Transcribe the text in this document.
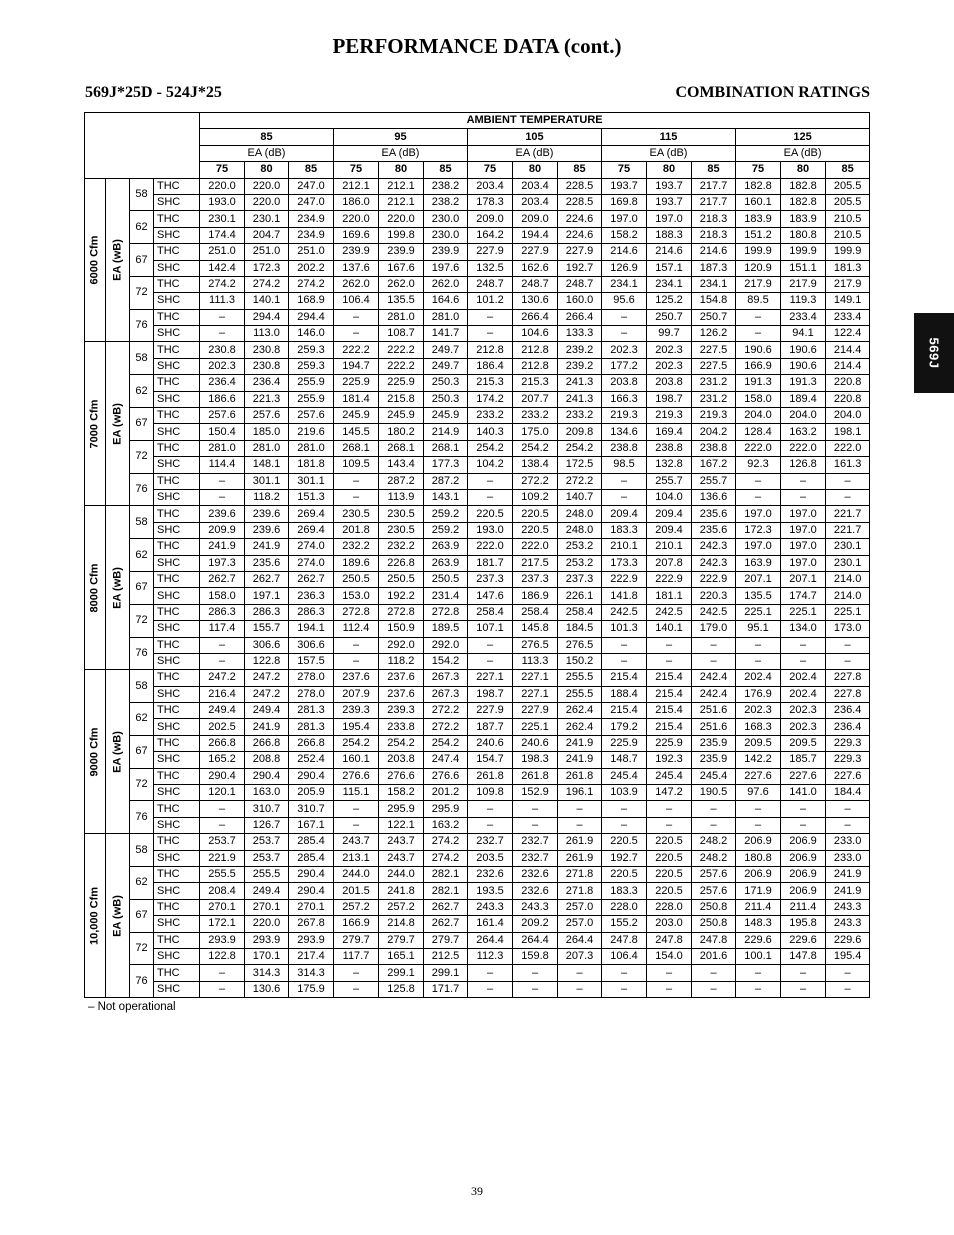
PERFORMANCE DATA (cont.)
569J*25D - 524J*25	COMBINATION RATINGS
569J
				AMBIENT TEMPERATURE														
				85			95			105			115			125		
				EA (dB)			EA (dB)			EA (dB)			EA (dB)			EA (dB)		
				75	80	85	75	80	85	75	80	85	75	80	85	75	80	85

6000 Cfm	EA (wB)	58	THC	220.0	220.0	247.0	212.1	212.1	238.2	203.4	203.4	228.5	193.7	193.7	217.7	182.8	182.8	205.5
			SHC	193.0	220.0	247.0	186.0	212.1	238.2	178.3	203.4	228.5	169.8	193.7	217.7	160.1	182.8	205.5
		62	THC	230.1	230.1	234.9	220.0	220.0	230.0	209.0	209.0	224.6	197.0	197.0	218.3	183.9	183.9	210.5
			SHC	174.4	204.7	234.9	169.6	199.8	230.0	164.2	194.4	224.6	158.2	188.3	218.3	151.2	180.8	210.5
		67	THC	251.0	251.0	251.0	239.9	239.9	239.9	227.9	227.9	227.9	214.6	214.6	214.6	199.9	199.9	199.9
			SHC	142.4	172.3	202.2	137.6	167.6	197.6	132.5	162.6	192.7	126.9	157.1	187.3	120.9	151.1	181.3
		72	THC	274.2	274.2	274.2	262.0	262.0	262.0	248.7	248.7	248.7	234.1	234.1	234.1	217.9	217.9	217.9
			SHC	111.3	140.1	168.9	106.4	135.5	164.6	101.2	130.6	160.0	95.6	125.2	154.8	89.5	119.3	149.1
		76	THC	–	294.4	294.4	–	281.0	281.0	–	266.4	266.4	–	250.7	250.7	–	233.4	233.4
			SHC	–	113.0	146.0	–	108.7	141.7	–	104.6	133.3	–	99.7	126.2	–	94.1	122.4

7000 Cfm	EA (wB)	58	THC	230.8	230.8	259.3	222.2	222.2	249.7	212.8	212.8	239.2	202.3	202.3	227.5	190.6	190.6	214.4
			SHC	202.3	230.8	259.3	194.7	222.2	249.7	186.4	212.8	239.2	177.2	202.3	227.5	166.9	190.6	214.4
		62	THC	236.4	236.4	255.9	225.9	225.9	250.3	215.3	215.3	241.3	203.8	203.8	231.2	191.3	191.3	220.8
			SHC	186.6	221.3	255.9	181.4	215.8	250.3	174.2	207.7	241.3	166.3	198.7	231.2	158.0	189.4	220.8
		67	THC	257.6	257.6	257.6	245.9	245.9	245.9	233.2	233.2	233.2	219.3	219.3	219.3	204.0	204.0	204.0
			SHC	150.4	185.0	219.6	145.5	180.2	214.9	140.3	175.0	209.8	134.6	169.4	204.2	128.4	163.2	198.1
		72	THC	281.0	281.0	281.0	268.1	268.1	268.1	254.2	254.2	254.2	238.8	238.8	238.8	222.0	222.0	222.0
			SHC	114.4	148.1	181.8	109.5	143.4	177.3	104.2	138.4	172.5	98.5	132.8	167.2	92.3	126.8	161.3
		76	THC	–	301.1	301.1	–	287.2	287.2	–	272.2	272.2	–	255.7	255.7	–	–	–
			SHC	–	118.2	151.3	–	113.9	143.1	–	109.2	140.7	–	104.0	136.6	–	–	–

8000 Cfm	EA (wB)	58	THC	239.6	239.6	269.4	230.5	230.5	259.2	220.5	220.5	248.0	209.4	209.4	235.6	197.0	197.0	221.7
			SHC	209.9	239.6	269.4	201.8	230.5	259.2	193.0	220.5	248.0	183.3	209.4	235.6	172.3	197.0	221.7
		62	THC	241.9	241.9	274.0	232.2	232.2	263.9	222.0	222.0	253.2	210.1	210.1	242.3	197.0	197.0	230.1
			SHC	197.3	235.6	274.0	189.6	226.8	263.9	181.7	217.5	253.2	173.3	207.8	242.3	163.9	197.0	230.1
		67	THC	262.7	262.7	262.7	250.5	250.5	250.5	237.3	237.3	237.3	222.9	222.9	222.9	207.1	207.1	214.0
			SHC	158.0	197.1	236.3	153.0	192.2	231.4	147.6	186.9	226.1	141.8	181.1	220.3	135.5	174.7	214.0
		72	THC	286.3	286.3	286.3	272.8	272.8	272.8	258.4	258.4	258.4	242.5	242.5	242.5	225.1	225.1	225.1
			SHC	117.4	155.7	194.1	112.4	150.9	189.5	107.1	145.8	184.5	101.3	140.1	179.0	95.1	134.0	173.0
		76	THC	–	306.6	306.6	–	292.0	292.0	–	276.5	276.5	–	–	–	–	–	–
			SHC	–	122.8	157.5	–	118.2	154.2	–	113.3	150.2	–	–	–	–	–	–

9000 Cfm	EA (wB)	58	THC	247.2	247.2	278.0	237.6	237.6	267.3	227.1	227.1	255.5	215.4	215.4	242.4	202.4	202.4	227.8
			SHC	216.4	247.2	278.0	207.9	237.6	267.3	198.7	227.1	255.5	188.4	215.4	242.4	176.9	202.4	227.8
		62	THC	249.4	249.4	281.3	239.3	239.3	272.2	227.9	227.9	262.4	215.4	215.4	251.6	202.3	202.3	236.4
			SHC	202.5	241.9	281.3	195.4	233.8	272.2	187.7	225.1	262.4	179.2	215.4	251.6	168.3	202.3	236.4
		67	THC	266.8	266.8	266.8	254.2	254.2	254.2	240.6	240.6	241.9	225.9	225.9	235.9	209.5	209.5	229.3
			SHC	165.2	208.8	252.4	160.1	203.8	247.4	154.7	198.3	241.9	148.7	192.3	235.9	142.2	185.7	229.3
		72	THC	290.4	290.4	290.4	276.6	276.6	276.6	261.8	261.8	261.8	245.4	245.4	245.4	227.6	227.6	227.6
			SHC	120.1	163.0	205.9	115.1	158.2	201.2	109.8	152.9	196.1	103.9	147.2	190.5	97.6	141.0	184.4
		76	THC	–	310.7	310.7	–	295.9	295.9	–	–	–	–	–	–	–	–	–
			SHC	–	126.7	167.1	–	122.1	163.2	–	–	–	–	–	–	–	–	–

10,000 Cfm	EA (wB)	58	THC	253.7	253.7	285.4	243.7	243.7	274.2	232.7	232.7	261.9	220.5	220.5	248.2	206.9	206.9	233.0
			SHC	221.9	253.7	285.4	213.1	243.7	274.2	203.5	232.7	261.9	192.7	220.5	248.2	180.8	206.9	233.0
		62	THC	255.5	255.5	290.4	244.0	244.0	282.1	232.6	232.6	271.8	220.5	220.5	257.6	206.9	206.9	241.9
			SHC	208.4	249.4	290.4	201.5	241.8	282.1	193.5	232.6	271.8	183.3	220.5	257.6	171.9	206.9	241.9
		67	THC	270.1	270.1	270.1	257.2	257.2	262.7	243.3	243.3	257.0	228.0	228.0	250.8	211.4	211.4	243.3
			SHC	172.1	220.0	267.8	166.9	214.8	262.7	161.4	209.2	257.0	155.2	203.0	250.8	148.3	195.8	243.3
		72	THC	293.9	293.9	293.9	279.7	279.7	279.7	264.4	264.4	264.4	247.8	247.8	247.8	229.6	229.6	229.6
			SHC	122.8	170.1	217.4	117.7	165.1	212.5	112.3	159.8	207.3	106.4	154.0	201.6	100.1	147.8	195.4
		76	THC	–	314.3	314.3	–	299.1	299.1	–	–	–	–	–	–	–	–	–
			SHC	–	130.6	175.9	–	125.8	171.7	–	–	–	–	–	–	–	–	–
– Not operational
39
